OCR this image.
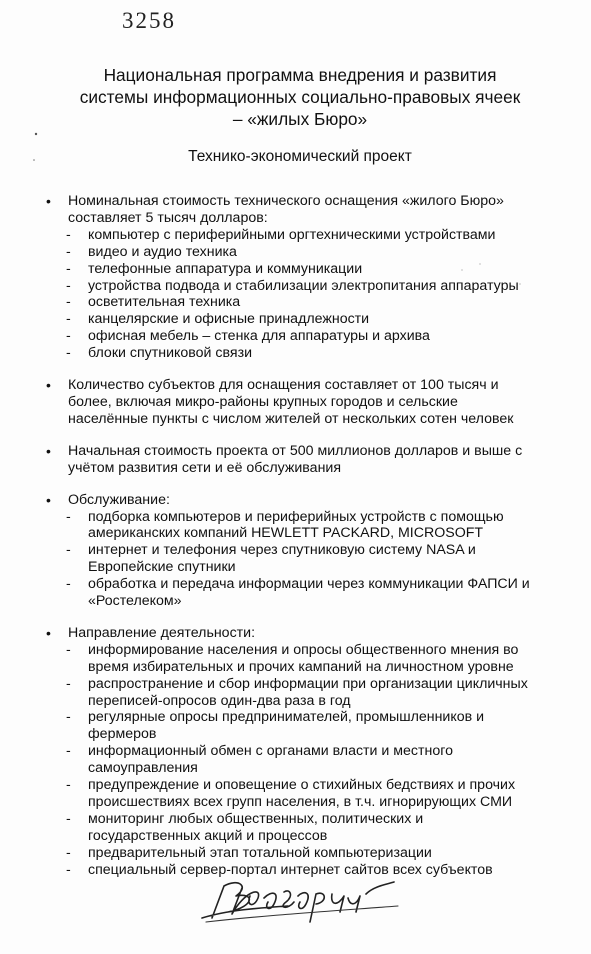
3258
Национальная программа внедрения и развития
системы информационных социально-правовых ячеек
– «жилых Бюро»
Технико-экономический проект
• Номинальная стоимость технического оснащения «жилого Бюро»
составляет 5 тысяч долларов:
- компьютер с периферийными оргтехническими устройствами
- видео и аудио техника
- телефонные аппаратура и коммуникации
- устройства подвода и стабилизации электропитания аппаратуры
- осветительная техника
- канцелярские и офисные принадлежности
- офисная мебель – стенка для аппаратуры и архива
- блоки спутниковой связи
• Количество субъектов для оснащения составляет от 100 тысяч и
более, включая микро-районы крупных городов и сельские
населённые пункты с числом жителей от нескольких сотен человек
• Начальная стоимость проекта от 500 миллионов долларов и выше с
учётом развития сети и её обслуживания
• Обслуживание:
- подборка компьютеров и периферийных устройств с помощью
американских компаний HEWLETT PACKARD, MICROSOFT
- интернет и телефония через спутниковую систему NASA и
Европейские спутники
- обработка и передача информации через коммуникации ФАПСИ и
«Ростелеком»
• Направление деятельности:
- информирование населения и опросы общественного мнения во
время избирательных и прочих кампаний на личностном уровне
- распространение и сбор информации при организации цикличных
переписей-опросов один-два раза в год
- регулярные опросы предпринимателей, промышленников и
фермеров
- информационный обмен с органами власти и местного
самоуправления
- предупреждение и оповещение о стихийных бедствиях и прочих
происшествиях всех групп населения, в т.ч. игнорирующих СМИ
- мониторинг любых общественных, политических и
государственных акций и процессов
- предварительный этап тотальной компьютеризации
- специальный сервер-портал интернет сайтов всех субъектов
